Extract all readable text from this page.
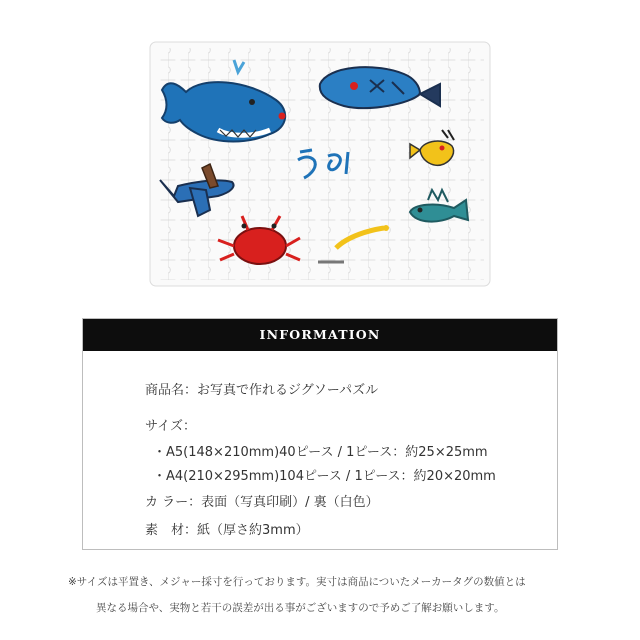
INFORMATION
商品名：お写真で作れるジグソーパズル
サイズ：
・A5(148×210mm)40ピース / 1ピース：約25×25mm
・A4(210×295mm)104ピース / 1ピース：約20×20mm
カ ラー：表面（写真印刷）/ 裏（白色）
素　材：紙（厚さ約3mm）
※サイズは平置き、メジャー採寸を行っております。実寸は商品についたメーカータグの数値とは
異なる場合や、実物と若干の誤差が出る事がございますので予めご了解お願いします。
